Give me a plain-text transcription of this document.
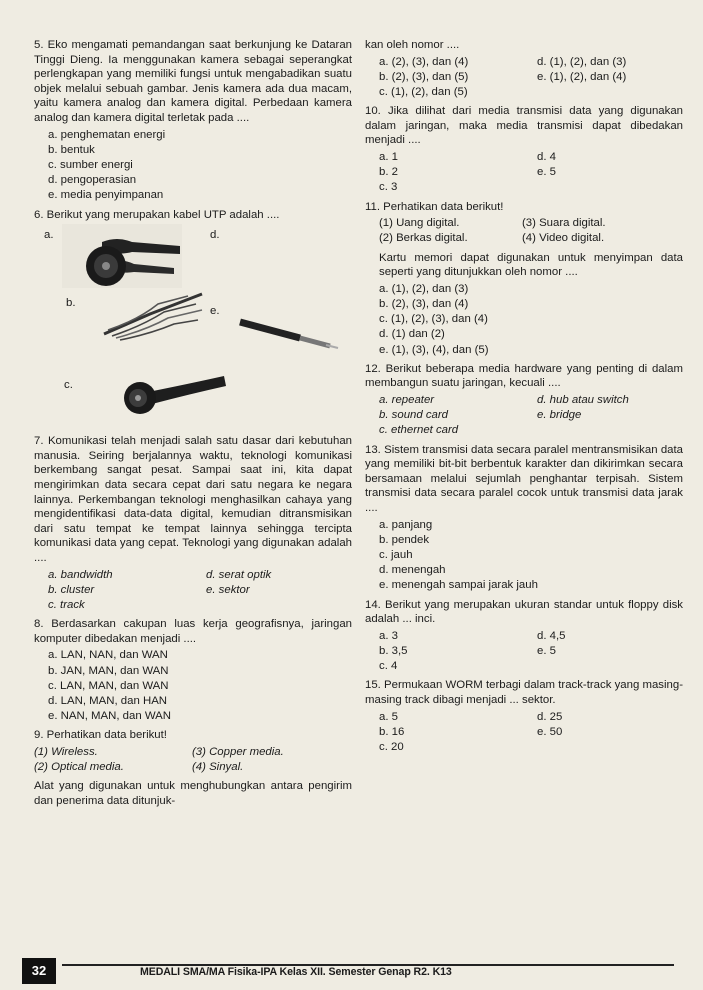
5. Eko mengamati pemandangan saat berkunjung ke Dataran Tinggi Dieng. Ia menggunakan kamera sebagai seperangkat perlengkapan yang memiliki fungsi untuk mengabadikan suatu objek melalui sebuah gambar. Jenis kamera ada dua macam, yaitu kamera analog dan kamera digital. Perbedaan kamera analog dan kamera digital terletak pada ....
a. penghematan energi
b. bentuk
c. sumber energi
d. pengoperasian
e. media penyimpanan
6. Berikut yang merupakan kabel UTP adalah ....
a.	d.
b.
e.
c.
7. Komunikasi telah menjadi salah satu dasar dari kebutuhan manusia. Seiring berjalannya waktu, teknologi komunikasi berkembang sangat pesat. Sampai saat ini, kita dapat mengirimkan data secara cepat dari satu negara ke negara lainnya. Perkembangan teknologi menghasilkan cahaya yang mengidentifikasi data-data digital, kemudian ditransmisikan dari satu tempat ke tempat lainnya sehingga tercipta komunikasi data yang cepat. Teknologi yang digunakan adalah ....
a. bandwidth	d. serat optik
b. cluster	e. sektor
c. track
8. Berdasarkan cakupan luas kerja geografisnya, jaringan komputer dibedakan menjadi ....
a. LAN, NAN, dan WAN
b. JAN, MAN, dan WAN
c. LAN, MAN, dan WAN
d. LAN, MAN, dan HAN
e. NAN, MAN, dan WAN
9. Perhatikan data berikut!
(1) Wireless.	(3) Copper media.
(2) Optical media.	(4) Sinyal.
Alat yang digunakan untuk menghubungkan antara pengirim dan penerima data ditunjuk-
kan oleh nomor ....
a. (2), (3), dan (4)	d. (1), (2), dan (3)
b. (2), (3), dan (5)	e. (1), (2), dan (4)
c. (1), (2), dan (5)
10. Jika dilihat dari media transmisi data yang digunakan dalam jaringan, maka media transmisi dapat dibedakan menjadi ....
a. 1	d. 4
b. 2	e. 5
c. 3
11. Perhatikan data berikut!
(1) Uang digital.	(3) Suara digital.
(2) Berkas digital.	(4) Video digital.
Kartu memori dapat digunakan untuk menyimpan data seperti yang ditunjukkan oleh nomor ....
a. (1), (2), dan (3)
b. (2), (3), dan (4)
c. (1), (2), (3), dan (4)
d. (1) dan (2)
e. (1), (3), (4), dan (5)
12. Berikut beberapa media hardware yang penting di dalam membangun suatu jaringan, kecuali ....
a. repeater	d. hub atau switch
b. sound card	e. bridge
c. ethernet card
13. Sistem transmisi data secara paralel mentransmisikan data yang memiliki bit-bit berbentuk karakter dan dikirimkan secara bersamaan melalui sejumlah penghantar terpisah. Sistem transmisi data secara paralel cocok untuk transmisi data jarak ....
a. panjang
b. pendek
c. jauh
d. menengah
e. menengah sampai jarak jauh
14. Berikut yang merupakan ukuran standar untuk floppy disk adalah ... inci.
a. 3	d. 4,5
b. 3,5	e. 5
c. 4
15. Permukaan WORM terbagi dalam track-track yang masing-masing track dibagi menjadi ... sektor.
a. 5	d. 25
b. 16	e. 50
c. 20
32	MEDALI SMA/MA Fisika-IPA Kelas XII. Semester Genap R2. K13
